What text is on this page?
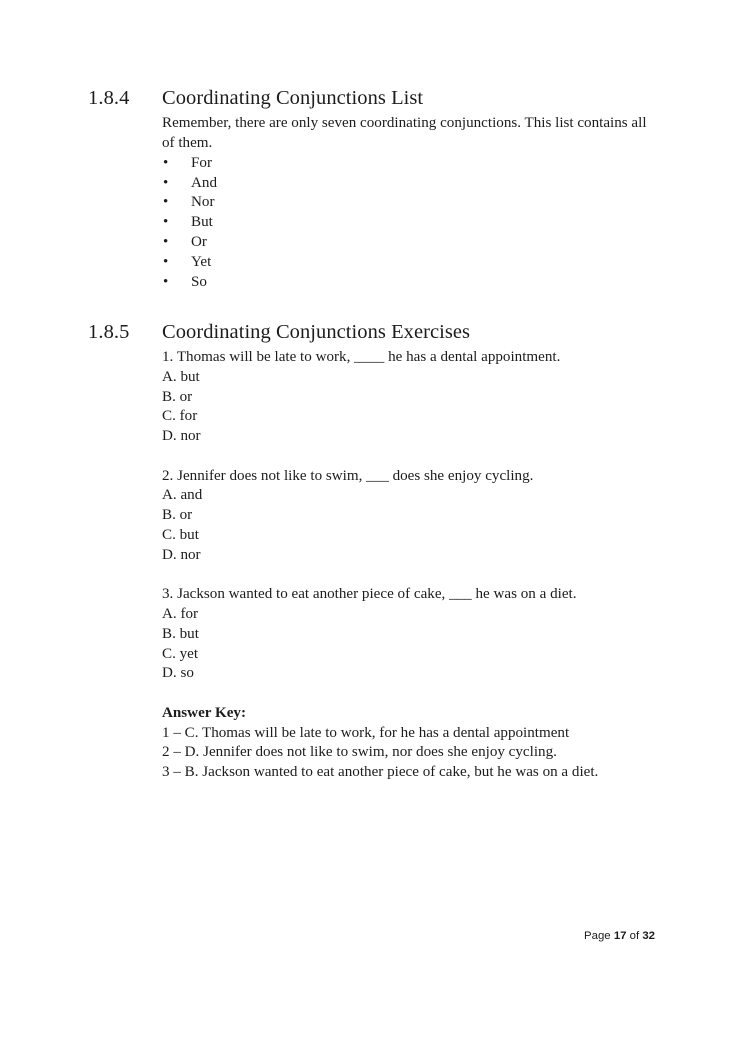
1.8.4	Coordinating Conjunctions List

Remember, there are only seven coordinating conjunctions. This list contains all of them.

• For
• And
• Nor
• But
• Or
• Yet
• So
1.8.5	Coordinating Conjunctions Exercises

1. Thomas will be late to work, ____ he has a dental appointment.

A. but

B. or

C. for

D. nor

2. Jennifer does not like to swim, ___ does she enjoy cycling.

A. and

B. or

C. but

D. nor

3. Jackson wanted to eat another piece of cake, ___ he was on a diet.

A. for

B. but

C. yet

D. so

Answer Key:

1 – C. Thomas will be late to work, for he has a dental appointment

2 – D. Jennifer does not like to swim, nor does she enjoy cycling.

3 – B. Jackson wanted to eat another piece of cake, but he was on a diet.

Page 17 of 32
